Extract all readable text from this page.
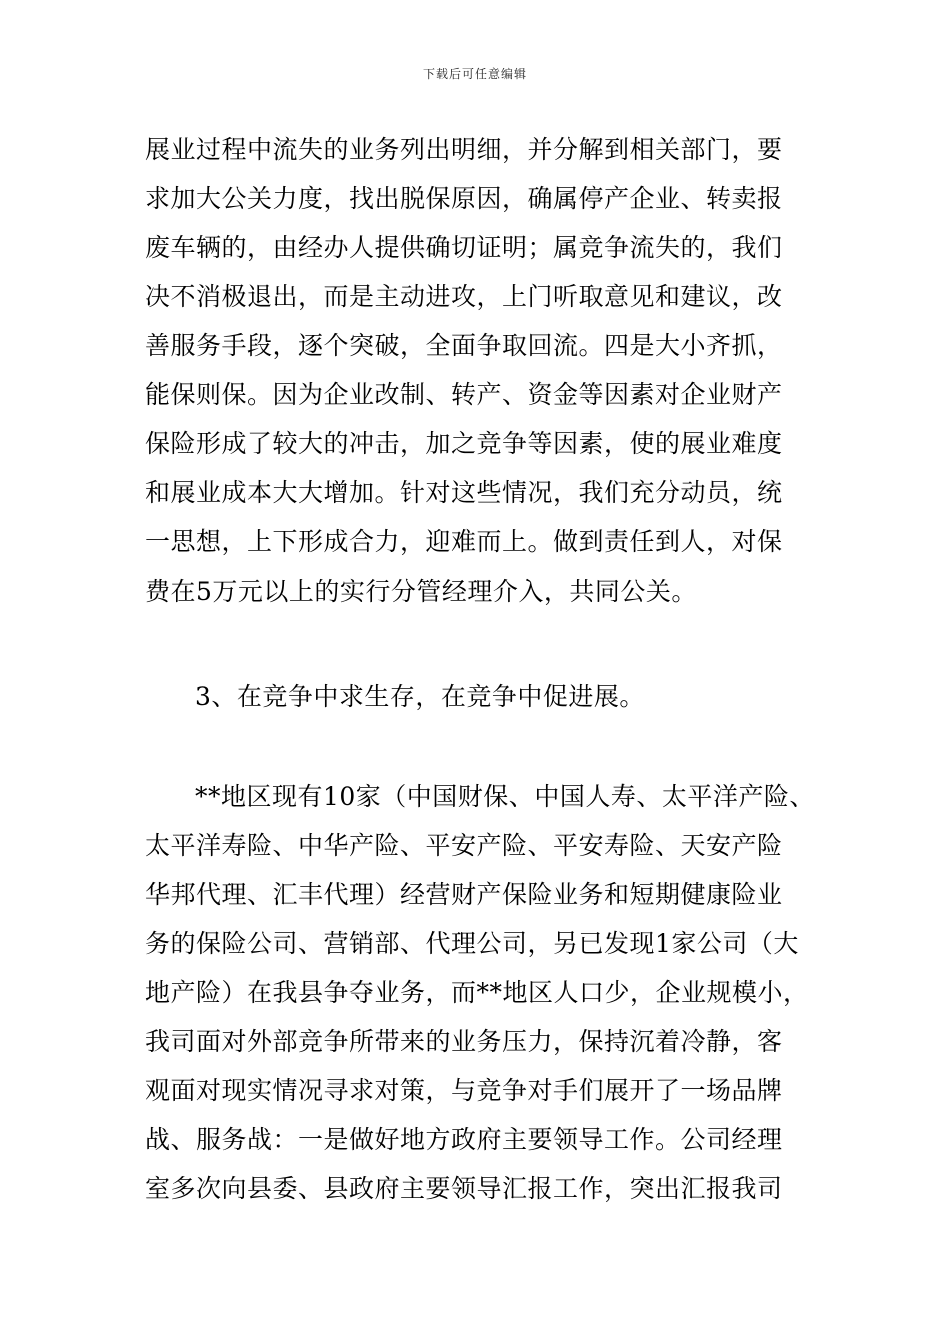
下载后可任意编辑
展业过程中流失的业务列出明细，并分解到相关部门，要
求加大公关力度，找出脱保原因，确属停产企业、转卖报
废车辆的，由经办人提供确切证明；属竞争流失的，我们
决不消极退出，而是主动进攻，上门听取意见和建议，改
善服务手段，逐个突破，全面争取回流。四是大小齐抓，
能保则保。因为企业改制、转产、资金等因素对企业财产
保险形成了较大的冲击，加之竞争等因素，使的展业难度
和展业成本大大增加。针对这些情况，我们充分动员，统
一思想，上下形成合力，迎难而上。做到责任到人，对保
费在5万元以上的实行分管经理介入，共同公关。
3、在竞争中求生存，在竞争中促进展。
**地区现有10家（中国财保、中国人寿、太平洋产险、
太平洋寿险、中华产险、平安产险、平安寿险、天安产险
华邦代理、汇丰代理）经营财产保险业务和短期健康险业
务的保险公司、营销部、代理公司，另已发现1家公司（大
地产险）在我县争夺业务，而**地区人口少，企业规模小，
我司面对外部竞争所带来的业务压力，保持沉着冷静，客
观面对现实情况寻求对策，与竞争对手们展开了一场品牌
战、服务战：一是做好地方政府主要领导工作。公司经理
室多次向县委、县政府主要领导汇报工作，突出汇报我司
